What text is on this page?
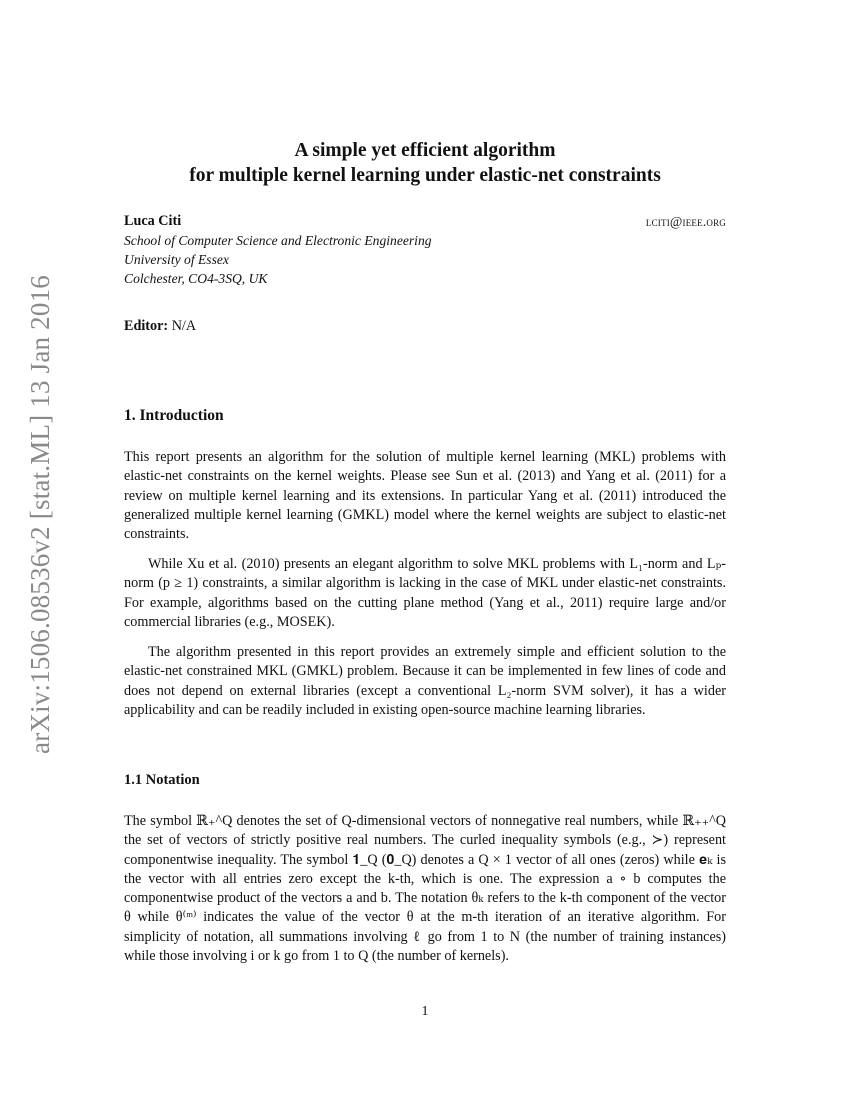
arXiv:1506.08536v2 [stat.ML] 13 Jan 2016
A simple yet efficient algorithm
for multiple kernel learning under elastic-net constraints
Luca Citi	lciti@ieee.org
School of Computer Science and Electronic Engineering
University of Essex
Colchester, CO4-3SQ, UK
Editor: N/A
1. Introduction
This report presents an algorithm for the solution of multiple kernel learning (MKL) problems with elastic-net constraints on the kernel weights. Please see Sun et al. (2013) and Yang et al. (2011) for a review on multiple kernel learning and its extensions. In particular Yang et al. (2011) introduced the generalized multiple kernel learning (GMKL) model where the kernel weights are subject to elastic-net constraints.
While Xu et al. (2010) presents an elegant algorithm to solve MKL problems with L₁-norm and Lₚ-norm (p ≥ 1) constraints, a similar algorithm is lacking in the case of MKL under elastic-net constraints. For example, algorithms based on the cutting plane method (Yang et al., 2011) require large and/or commercial libraries (e.g., MOSEK).
The algorithm presented in this report provides an extremely simple and efficient solution to the elastic-net constrained MKL (GMKL) problem. Because it can be implemented in few lines of code and does not depend on external libraries (except a conventional L₂-norm SVM solver), it has a wider applicability and can be readily included in existing open-source machine learning libraries.
1.1 Notation
The symbol ℝ₊^Q denotes the set of Q-dimensional vectors of nonnegative real numbers, while ℝ₊₊^Q the set of vectors of strictly positive real numbers. The curled inequality symbols (e.g., ≻) represent componentwise inequality. The symbol 𝟏_Q (𝟎_Q) denotes a Q × 1 vector of all ones (zeros) while 𝐞ₖ is the vector with all entries zero except the k-th, which is one. The expression a ∘ b computes the componentwise product of the vectors a and b. The notation θₖ refers to the k-th component of the vector θ while θ⁽ᵐ⁾ indicates the value of the vector θ at the m-th iteration of an iterative algorithm. For simplicity of notation, all summations involving ℓ go from 1 to N (the number of training instances) while those involving i or k go from 1 to Q (the number of kernels).
1
